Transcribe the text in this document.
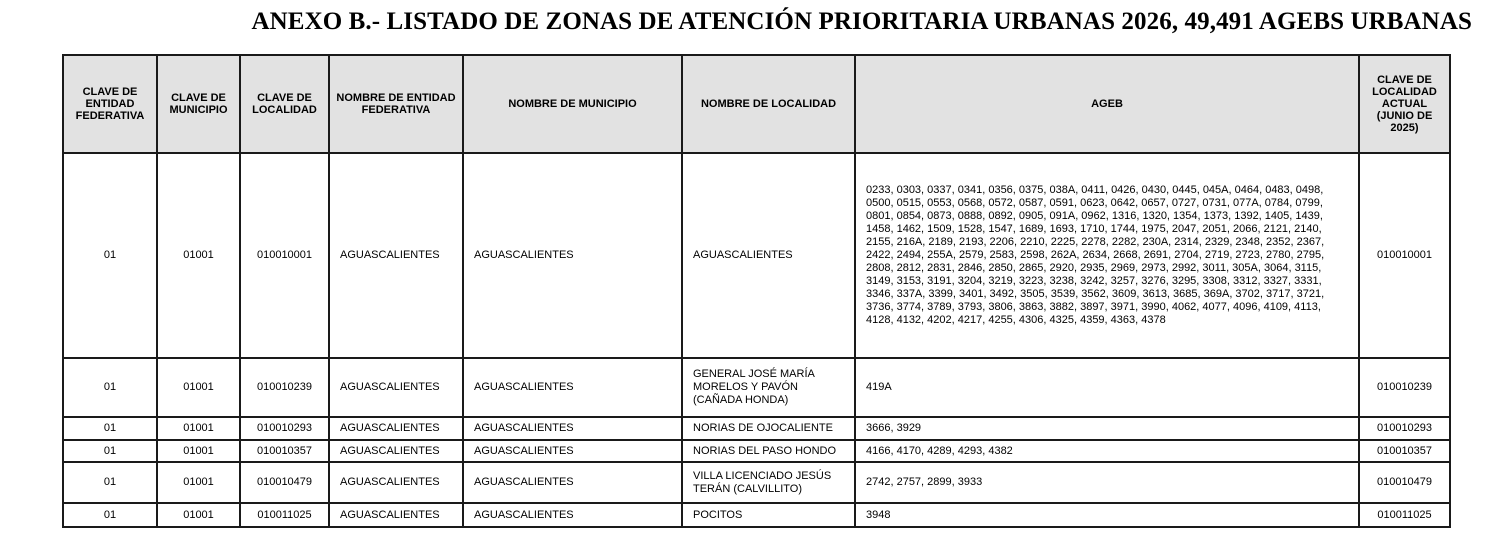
ANEXO B.- LISTADO DE ZONAS DE ATENCIÓN PRIORITARIA URBANAS 2026, 49,491 AGEBS URBANAS
CLAVE DE ENTIDAD FEDERATIVA	CLAVE DE MUNICIPIO	CLAVE DE LOCALIDAD	NOMBRE DE ENTIDAD FEDERATIVA	NOMBRE DE MUNICIPIO	NOMBRE DE LOCALIDAD	AGEB	CLAVE DE LOCALIDAD ACTUAL (JUNIO DE 2025)
01	01001	010010001	AGUASCALIENTES	AGUASCALIENTES	AGUASCALIENTES	0233, 0303, 0337, 0341, 0356, 0375, 038A, 0411, 0426, 0430, 0445, 045A, 0464, 0483, 0498, 0500, 0515, 0553, 0568, 0572, 0587, 0591, 0623, 0642, 0657, 0727, 0731, 077A, 0784, 0799, 0801, 0854, 0873, 0888, 0892, 0905, 091A, 0962, 1316, 1320, 1354, 1373, 1392, 1405, 1439, 1458, 1462, 1509, 1528, 1547, 1689, 1693, 1710, 1744, 1975, 2047, 2051, 2066, 2121, 2140, 2155, 216A, 2189, 2193, 2206, 2210, 2225, 2278, 2282, 230A, 2314, 2329, 2348, 2352, 2367, 2422, 2494, 255A, 2579, 2583, 2598, 262A, 2634, 2668, 2691, 2704, 2719, 2723, 2780, 2795, 2808, 2812, 2831, 2846, 2850, 2865, 2920, 2935, 2969, 2973, 2992, 3011, 305A, 3064, 3115, 3149, 3153, 3191, 3204, 3219, 3223, 3238, 3242, 3257, 3276, 3295, 3308, 3312, 3327, 3331, 3346, 337A, 3399, 3401, 3492, 3505, 3539, 3562, 3609, 3613, 3685, 369A, 3702, 3717, 3721, 3736, 3774, 3789, 3793, 3806, 3863, 3882, 3897, 3971, 3990, 4062, 4077, 4096, 4109, 4113, 4128, 4132, 4202, 4217, 4255, 4306, 4325, 4359, 4363, 4378	010010001
01	01001	010010239	AGUASCALIENTES	AGUASCALIENTES	GENERAL JOSÉ MARÍA MORELOS Y PAVÓN (CAÑADA HONDA)	419A	010010239
01	01001	010010293	AGUASCALIENTES	AGUASCALIENTES	NORIAS DE OJOCALIENTE	3666, 3929	010010293
01	01001	010010357	AGUASCALIENTES	AGUASCALIENTES	NORIAS DEL PASO HONDO	4166, 4170, 4289, 4293, 4382	010010357
01	01001	010010479	AGUASCALIENTES	AGUASCALIENTES	VILLA LICENCIADO JESÚS TERÁN (CALVILLITO)	2742, 2757, 2899, 3933	010010479
01	01001	010011025	AGUASCALIENTES	AGUASCALIENTES	POCITOS	3948	010011025
